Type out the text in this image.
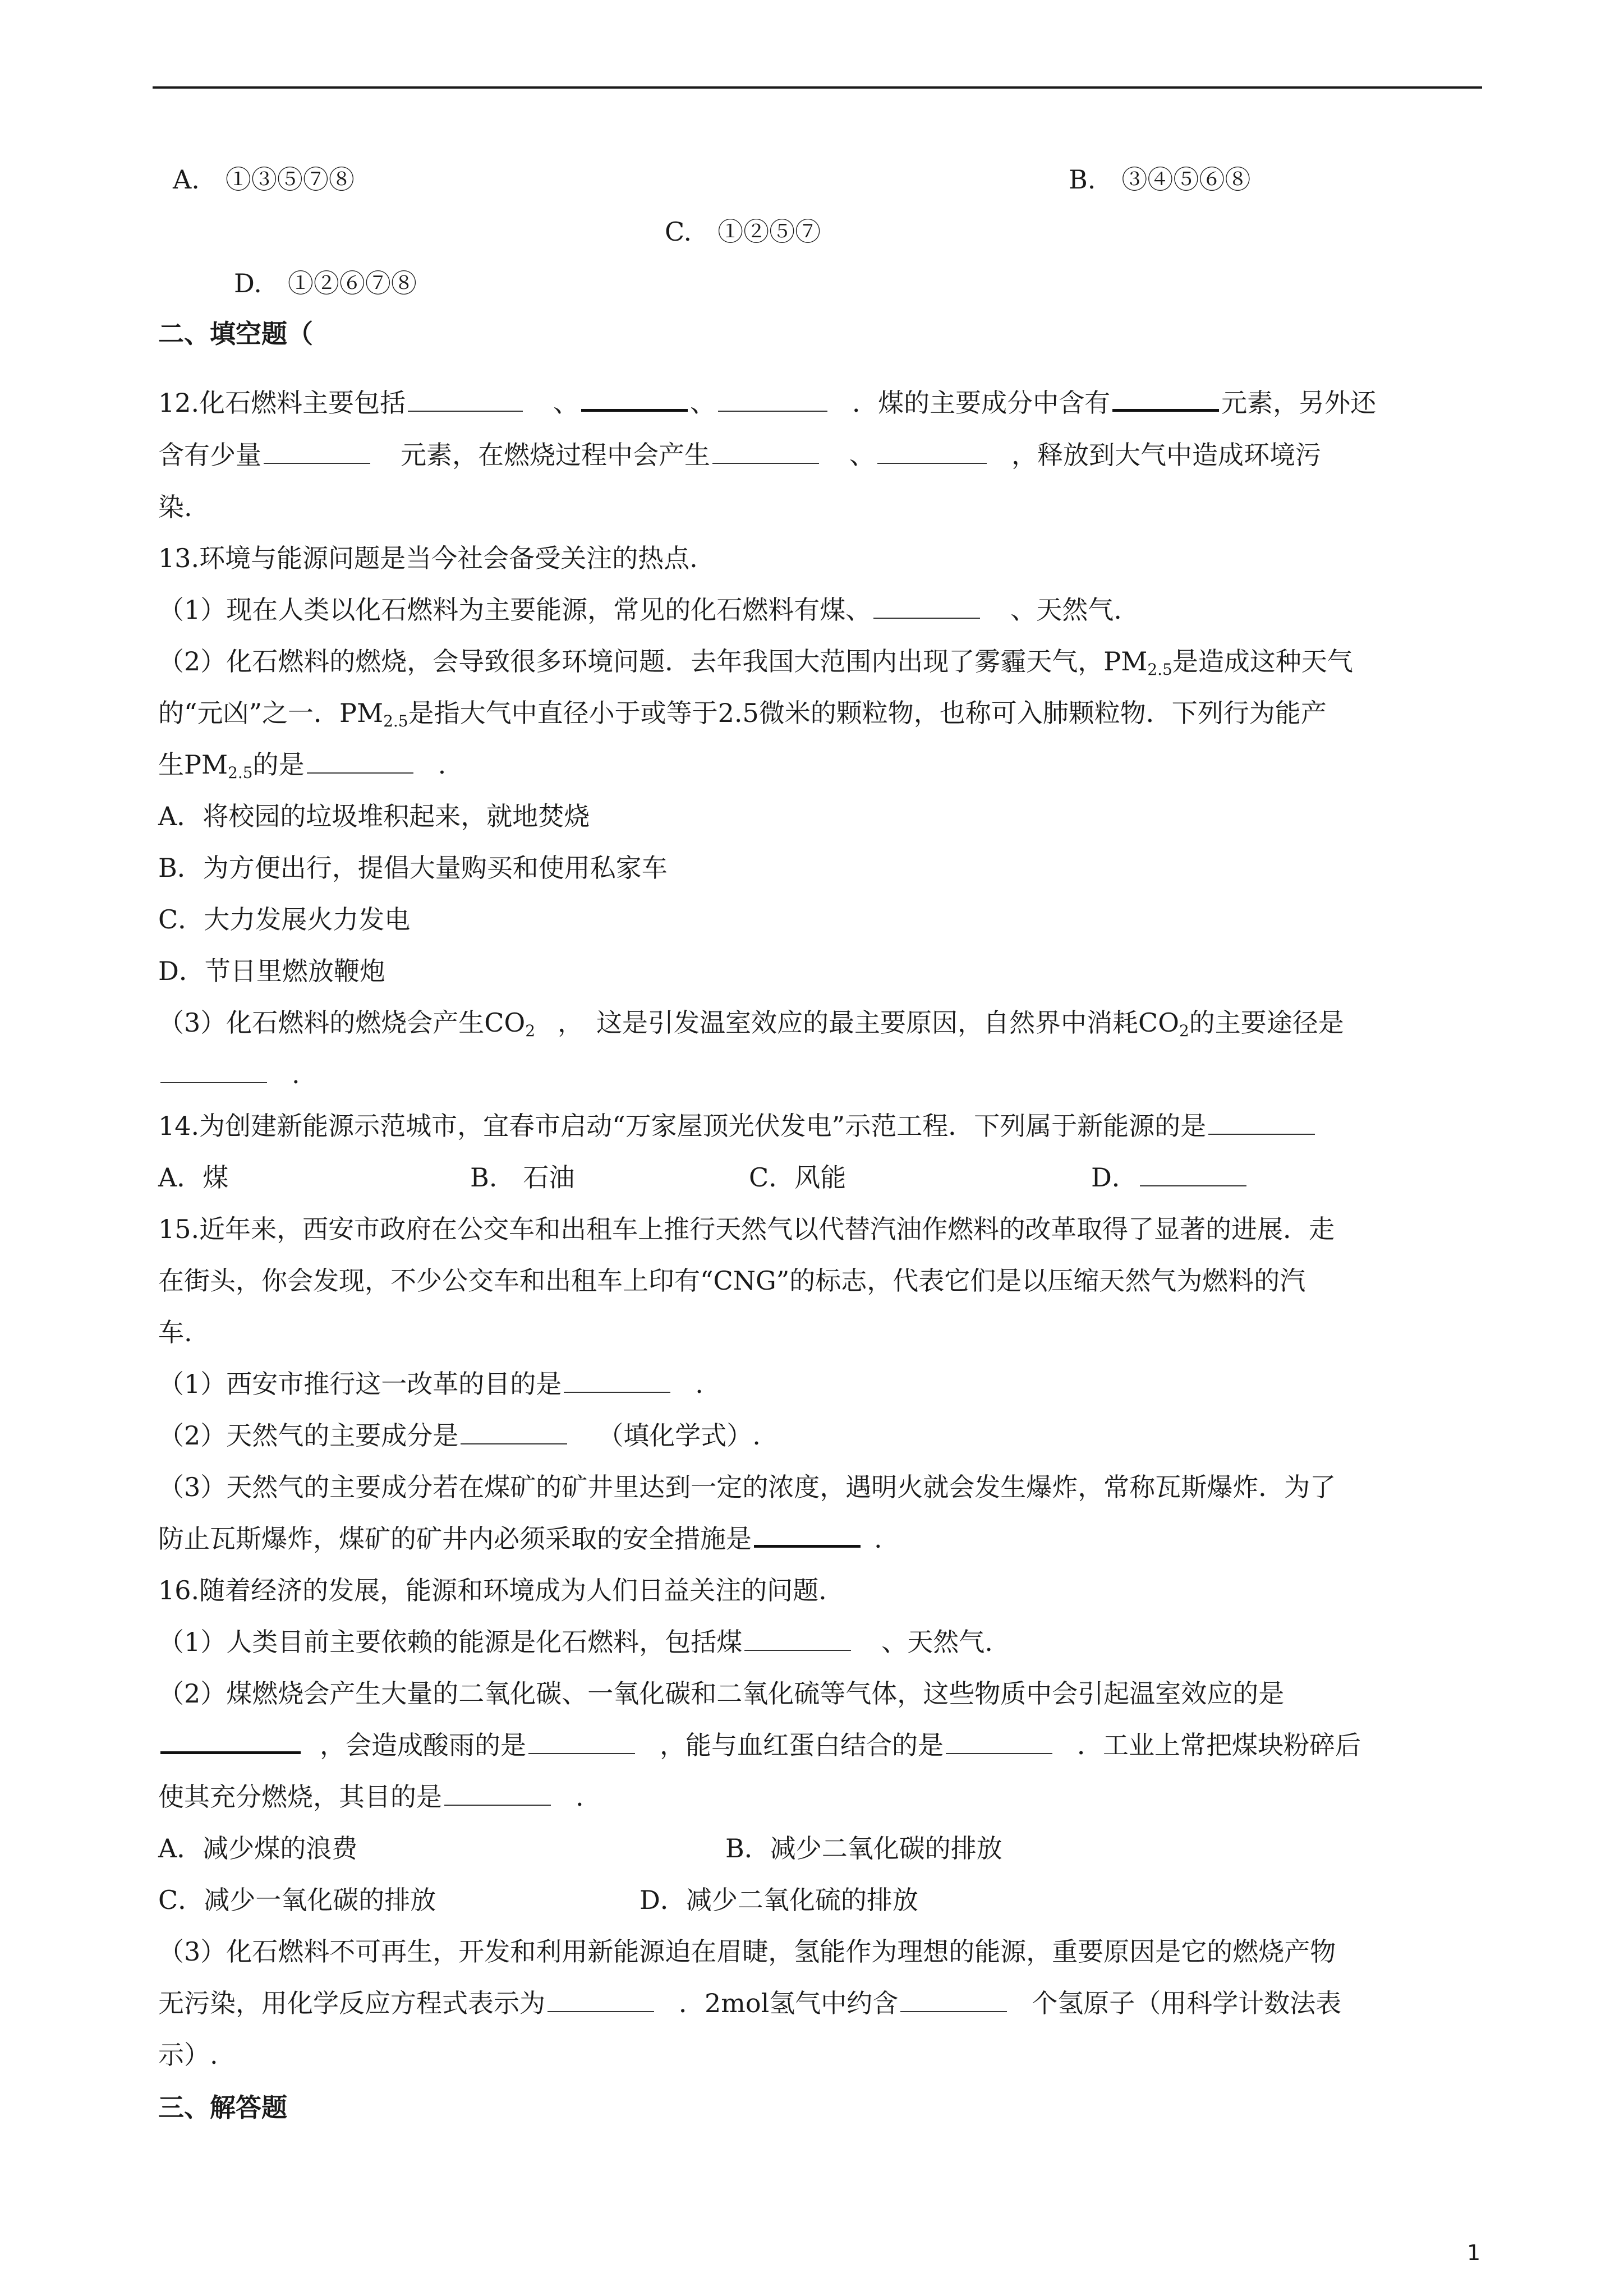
A.　①③⑤⑦⑧	B.　③④⑤⑥⑧
C.　①②⑤⑦
D.　①②⑥⑦⑧
二、填空题（
12.化石燃料主要包括	、	、	．煤的主要成分中含有	元素，另外还
含有少量	元素，在燃烧过程中会产生	、	，释放到大气中造成环境污
染.
13.环境与能源问题是当今社会备受关注的热点.
（1）现在人类以化石燃料为主要能源，常见的化石燃料有煤、	、天然气.
（2）化石燃料的燃烧，会导致很多环境问题．去年我国大范围内出现了雾霾天气，$PM_{2.5}$是造成这种天气
的“元凶”之一．$PM_{2.5}$是指大气中直径小于或等于2.5微米的颗粒物，也称可入肺颗粒物．下列行为能产
生$PM_{2.5}$的是	.
A．将校园的垃圾堆积起来，就地焚烧
B．为方便出行，提倡大量购买和使用私家车
C．大力发展火力发电
D．节日里燃放鞭炮
（3）化石燃料的燃烧会产生$CO_2$ ，　这是引发温室效应的最主要原因，自然界中消耗$CO_2$的主要途径是
.
14.为创建新能源示范城市，宜春市启动“万家屋顶光伏发电”示范工程．下列属于新能源的是
A．煤	B.　石油	C．风能	D．
15.近年来，西安市政府在公交车和出租车上推行天然气以代替汽油作燃料的改革取得了显著的进展．走
在街头，你会发现，不少公交车和出租车上印有“CNG”的标志，代表它们是以压缩天然气为燃料的汽
车.
（1）西安市推行这一改革的目的是	.
（2）天然气的主要成分是	（填化学式）.
（3）天然气的主要成分若在煤矿的矿井里达到一定的浓度，遇明火就会发生爆炸，常称瓦斯爆炸．为了
防止瓦斯爆炸，煤矿的矿井内必须采取的安全措施是	.
16.随着经济的发展，能源和环境成为人们日益关注的问题.
（1）人类目前主要依赖的能源是化石燃料，包括煤	、天然气.
（2）煤燃烧会产生大量的二氧化碳、一氧化碳和二氧化硫等气体，这些物质中会引起温室效应的是
，会造成酸雨的是	，能与血红蛋白结合的是	．工业上常把煤块粉碎后
使其充分燃烧，其目的是	.
A．减少煤的浪费	B．减少二氧化碳的排放
C．减少一氧化碳的排放	D．减少二氧化硫的排放
（3）化石燃料不可再生，开发和利用新能源迫在眉睫，氢能作为理想的能源，重要原因是它的燃烧产物
无污染，用化学反应方程式表示为	．2mol氢气中约含	个氢原子（用科学计数法表
示）.
三、解答题
1
